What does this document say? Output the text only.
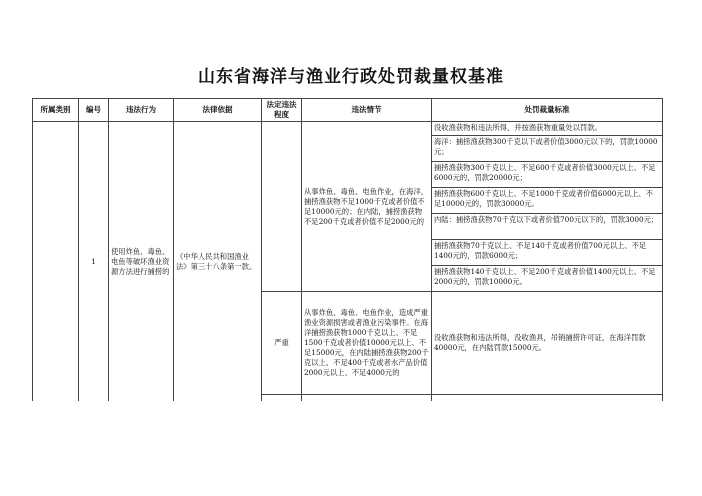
山东省海洋与渔业行政处罚裁量权基准
所属类别	编号	违法行为	法律依据	法定违法程度	违法情节	处罚裁量标准
	1	使用炸鱼、毒鱼、电鱼等破坏渔业资源方法进行捕捞的	《中华人民共和国渔业法》第三十八条第一款。		从事炸鱼、毒鱼、电鱼作业，在海洋，捕捞渔获物不足1000千克或者价值不足10000元的；在内陆，捕捞渔获物不足200千克或者价值不足2000元的	没收渔获物和违法所得，并按渔获物重量处以罚款。
						海洋：捕捞渔获物300千克以下或者价值3000元以下的，罚款10000元；
						捕捞渔获物300千克以上、不足600千克或者价值3000元以上、不足6000元的，罚款20000元；
						捕捞渔获物600千克以上、不足1000千克或者价值6000元以上、不足10000元的，罚款30000元。
						内陆：捕捞渔获物70千克以下或者价值700元以下的，罚款3000元；
						捕捞渔获物70千克以上、不足140千克或者价值700元以上、不足1400元的，罚款6000元；
						捕捞渔获物140千克以上、不足200千克或者价值1400元以上、不足2000元的，罚款10000元。
				严重	从事炸鱼、毒鱼、电鱼作业，造成严重渔业资源损害或者渔业污染事件。在海洋捕捞渔获物1000千克以上、不足1500千克或者价值10000元以上、不足15000元，在内陆捕捞渔获物200千克以上、不足400千克或者水产品价值2000元以上、不足4000元的	没收渔获物和违法所得，没收渔具，吊销捕捞许可证，在海洋罚款40000元，在内陆罚款15000元。
